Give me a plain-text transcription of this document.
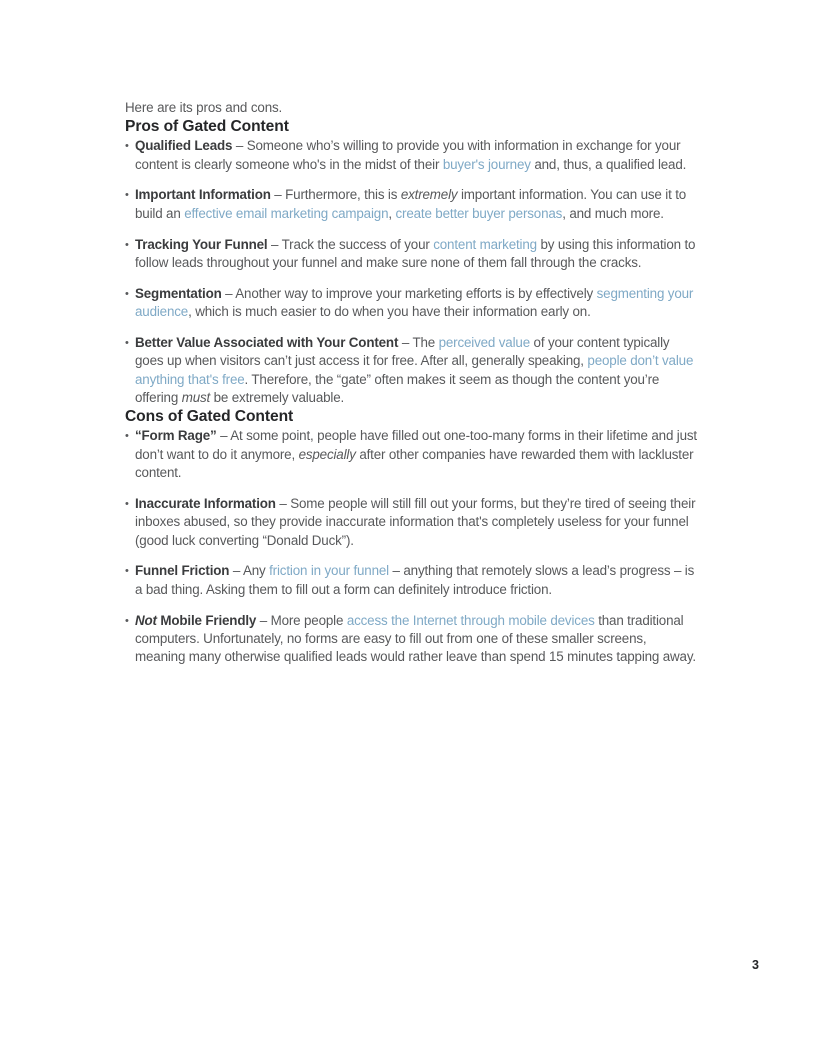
Here are its pros and cons.

Pros of Gated Content
• Qualified Leads – Someone who’s willing to provide you with information in exchange for your content is clearly someone who's in the midst of their buyer's journey and, thus, a qualified lead.
• Important Information – Furthermore, this is extremely important information. You can use it to build an effective email marketing campaign, create better buyer personas, and much more.
• Tracking Your Funnel – Track the success of your content marketing by using this information to follow leads throughout your funnel and make sure none of them fall through the cracks.
• Segmentation – Another way to improve your marketing efforts is by effectively segmenting your audience, which is much easier to do when you have their information early on.
• Better Value Associated with Your Content – The perceived value of your content typically goes up when visitors can’t just access it for free. After all, generally speaking, people don’t value anything that's free. Therefore, the “gate” often makes it seem as though the content you’re offering must be extremely valuable.
Cons of Gated Content
• “Form Rage” – At some point, people have filled out one-too-many forms in their lifetime and just don’t want to do it anymore, especially after other companies have rewarded them with lackluster content.
• Inaccurate Information – Some people will still fill out your forms, but they’re tired of seeing their inboxes abused, so they provide inaccurate information that's completely useless for your funnel (good luck converting “Donald Duck”).
• Funnel Friction – Any friction in your funnel – anything that remotely slows a lead’s progress – is a bad thing. Asking them to fill out a form can definitely introduce friction.
• Not Mobile Friendly – More people access the Internet through mobile devices than traditional computers. Unfortunately, no forms are easy to fill out from one of these smaller screens, meaning many otherwise qualified leads would rather leave than spend 15 minutes tapping away.
3
